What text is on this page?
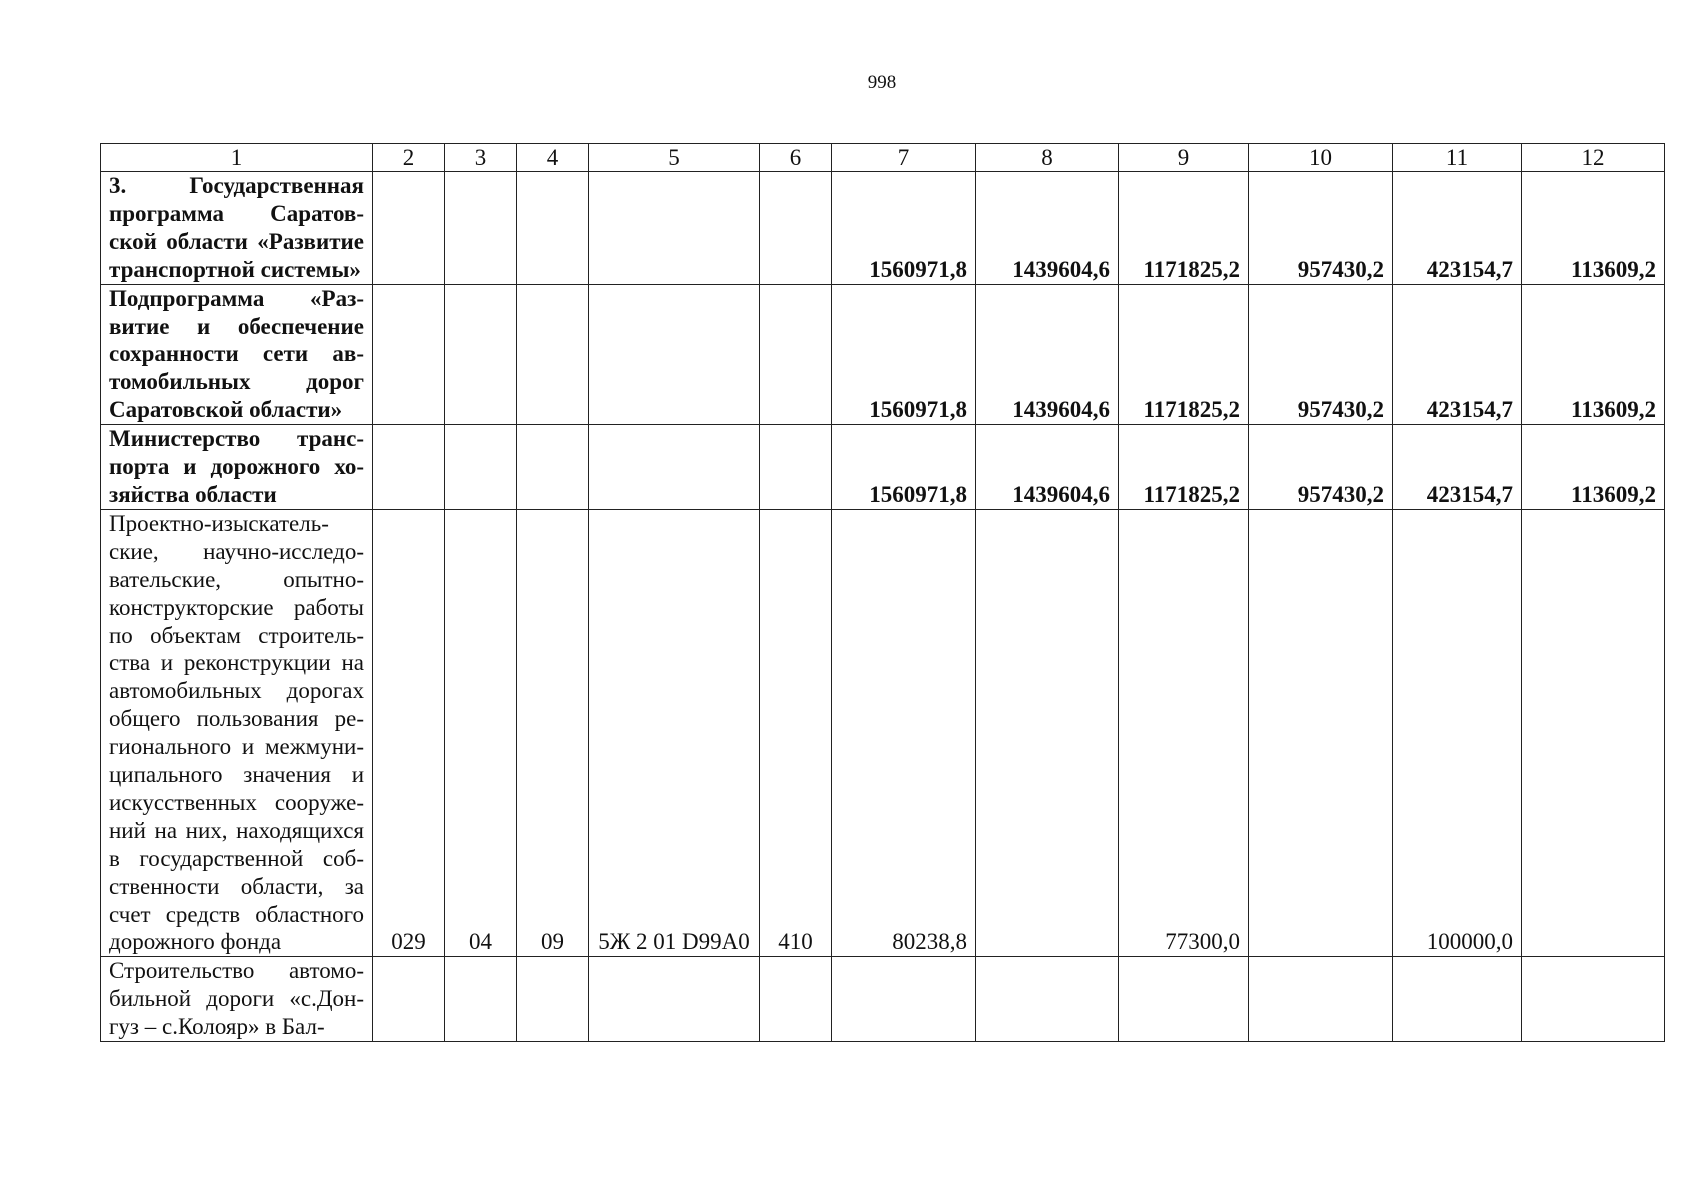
998
1	2	3	4	5	6	7	8	9	10	11	12
3. Государственная программа Саратовской области «Развитие транспортной системы»						1560971,8	1439604,6	1171825,2	957430,2	423154,7	113609,2
Подпрограмма «Развитие и обеспечение сохранности сети автомобильных дорог Саратовской области»						1560971,8	1439604,6	1171825,2	957430,2	423154,7	113609,2
Министерство транспорта и дорожного хозяйства области						1560971,8	1439604,6	1171825,2	957430,2	423154,7	113609,2
Проектно-изыскательские, научно-исследовательские, опытно-конструкторские работы по объектам строительства и реконструкции на автомобильных дорогах общего пользования регионального и межмуниципального значения и искусственных сооружений на них, находящихся в государственной собственности области, за счет средств областного дорожного фонда	029	04	09	5Ж 2 01 D99A0	410	80238,8		77300,0		100000,0	
Строительство автомобильной дороги «с.Донгуз – с.Колояр» в Бал-											
